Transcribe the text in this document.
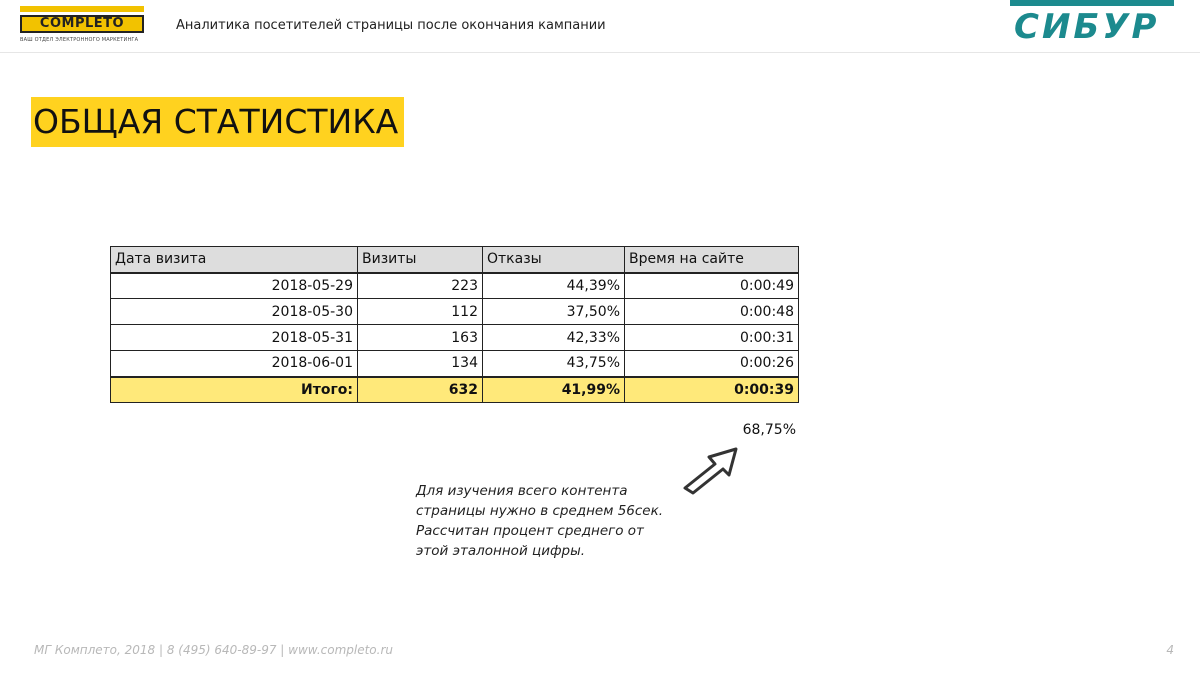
COMPLETO
ВАШ ОТДЕЛ ЭЛЕКТРОННОГО МАРКЕТИНГА
Аналитика посетителей страницы после окончания кампании	СИБУР
ОБЩАЯ СТАТИСТИКА
Дата визита	Визиты	Отказы	Время на сайте
2018-05-29	223	44,39%	0:00:49
2018-05-30	112	37,50%	0:00:48
2018-05-31	163	42,33%	0:00:31
2018-06-01	134	43,75%	0:00:26
Итого:	632	41,99%	0:00:39
68,75%
Для изучения всего контента
страницы нужно в среднем 56сек.
Рассчитан процент среднего от
этой эталонной цифры.
МГ Комплето, 2018 | 8 (495) 640-89-97 | www.completo.ru	4
